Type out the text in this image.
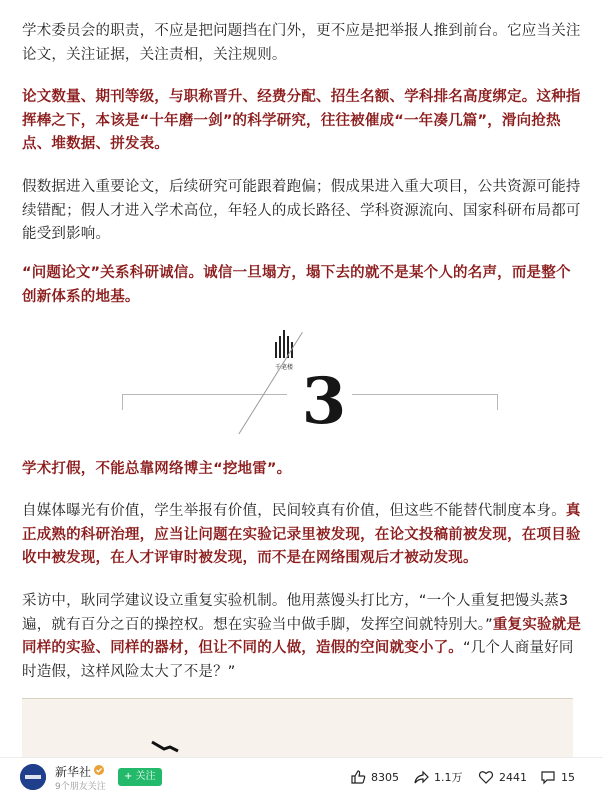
学术委员会的职责，不应是把问题挡在门外，更不应是把举报人推到前台。它应当关注论文，关注证据，关注责相，关注规则。

论文数量、期刊等级，与职称晋升、经费分配、招生名额、学科排名高度绑定。这种指挥棒之下，本该是“十年磨一剑”的科学研究，往往被催成“一年凑几篇”，滑向抢热点、堆数据、拼发表。

假数据进入重要论文，后续研究可能跟着跑偏；假成果进入重大项目，公共资源可能持续错配；假人才进入学术高位，年轻人的成长路径、学科资源流向、国家科研布局都可能受到影响。

“问题论文”关系科研诚信。诚信一旦塌方，塌下去的就不是某个人的名声，而是整个创新体系的地基。

千笔楼 3

学术打假，不能总靠网络博主“挖地雷”。

自媒体曝光有价值，学生举报有价值，民间较真有价值，但这些不能替代制度本身。真正成熟的科研治理，应当让问题在实验记录里被发现，在论文投稿前被发现，在项目验收中被发现，在人才评审时被发现，而不是在网络围观后才被动发现。

采访中，耿同学建议设立重复实验机制。他用蒸馒头打比方，“一个人重复把馒头蒸3遍，就有百分之百的操控权。想在实验当中做手脚，发挥空间就特别大。”重复实验就是同样的实验、同样的器材，但让不同的人做，造假的空间就变小了。“几个人商量好同时造假，这样风险太大了不是？”

新华社
9个朋友关注
+ 关注	8305	1.1万	2441	15
